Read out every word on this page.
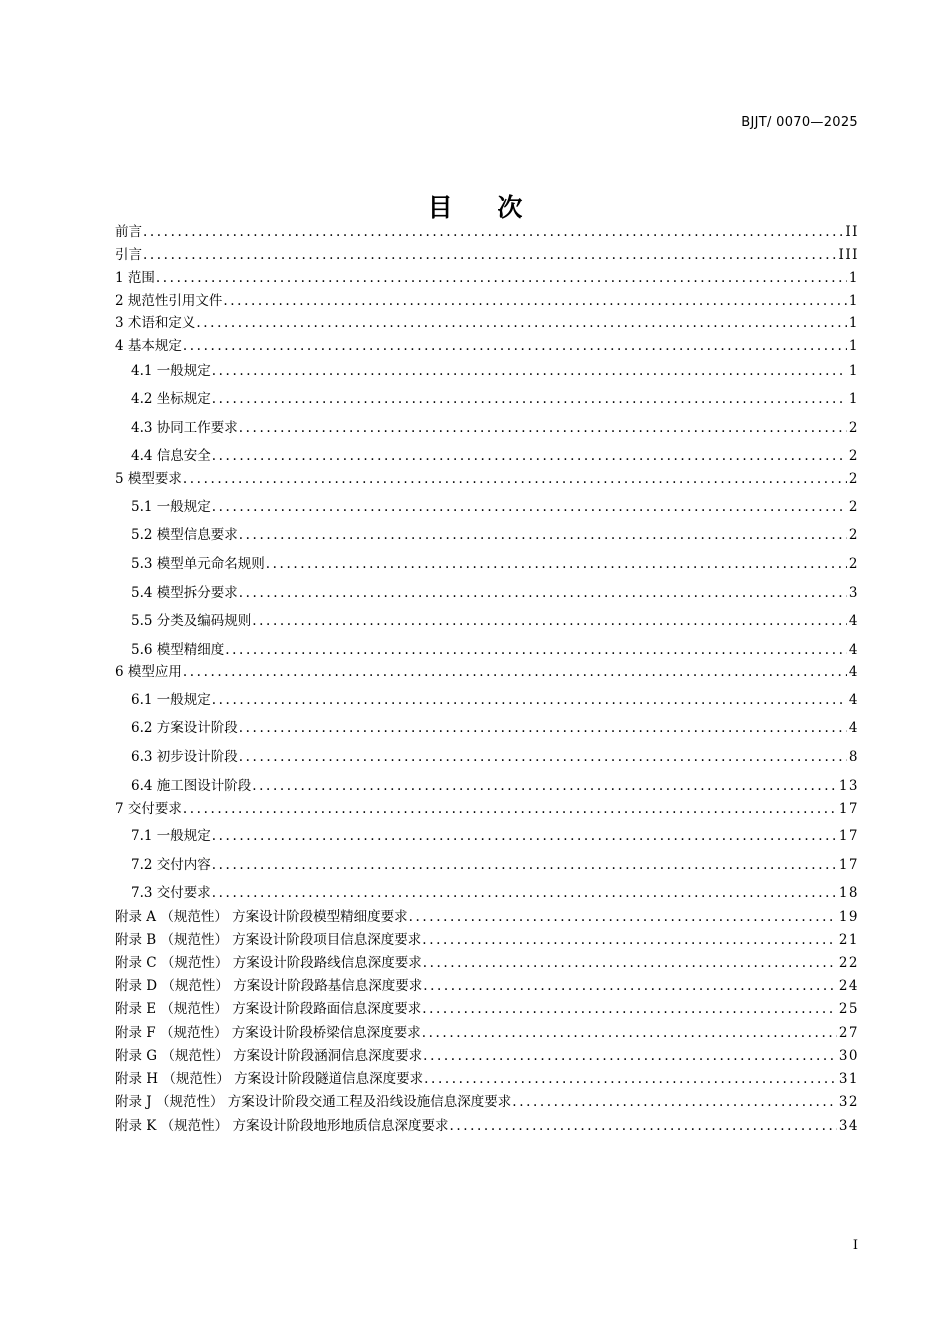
BJJT/ 0070—2025
目 次
前言 .....	II
引言 .....	III
1 范围 .....	1
2 规范性引用文件 .....	1
3 术语和定义 .....	1
4 基本规定 .....	1
4.1 一般规定 .....	1
4.2 坐标规定 .....	1
4.3 协同工作要求 .....	2
4.4 信息安全 .....	2
5 模型要求 .....	2
5.1 一般规定 .....	2
5.2 模型信息要求 .....	2
5.3 模型单元命名规则 .....	2
5.4 模型拆分要求 .....	3
5.5 分类及编码规则 .....	4
5.6 模型精细度 .....	4
6 模型应用 .....	4
6.1 一般规定 .....	4
6.2 方案设计阶段 .....	4
6.3 初步设计阶段 .....	8
6.4 施工图设计阶段 .....	13
7 交付要求 .....	17
7.1 一般规定 .....	17
7.2 交付内容 .....	17
7.3 交付要求 .....	18
附录 A （规范性） 方案设计阶段模型精细度要求 .....	19
附录 B （规范性） 方案设计阶段项目信息深度要求 .....	21
附录 C （规范性） 方案设计阶段路线信息深度要求 .....	22
附录 D （规范性） 方案设计阶段路基信息深度要求 .....	24
附录 E （规范性） 方案设计阶段路面信息深度要求 .....	25
附录 F （规范性） 方案设计阶段桥梁信息深度要求 .....	27
附录 G （规范性） 方案设计阶段涵洞信息深度要求 .....	30
附录 H （规范性） 方案设计阶段隧道信息深度要求 .....	31
附录 J （规范性） 方案设计阶段交通工程及沿线设施信息深度要求 .....	32
附录 K （规范性） 方案设计阶段地形地质信息深度要求 .....	34
I
